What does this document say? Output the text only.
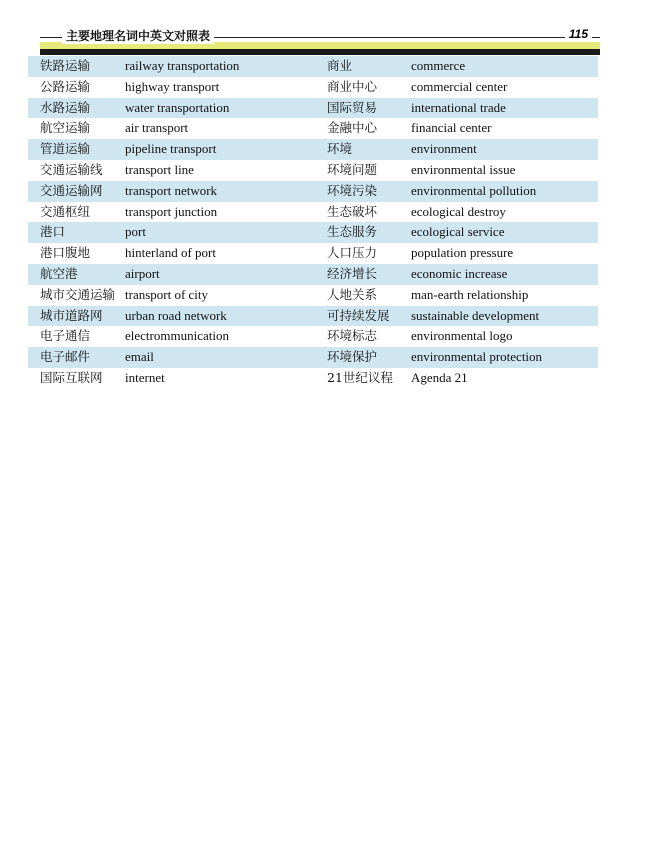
主要地理名词中英文对照表	115
铁路运输	railway transportation	商业	commerce
公路运输	highway transport	商业中心	commercial center
水路运输	water transportation	国际贸易	international trade
航空运输	air transport	金融中心	financial center
管道运输	pipeline transport	环境	environment
交通运输线 transport line	环境问题	environmental issue
交通运输网 transport network	环境污染	environmental pollution
交通枢纽	transport junction	生态破坏	ecological destroy
港口	port	生态服务	ecological service
港口腹地	hinterland of port	人口压力	population pressure
航空港	airport	经济增长	economic increase
城市交通运输 transport of city	人地关系	man-earth relationship
城市道路网 urban road network	可持续发展 sustainable development
电子通信	electrommunication	环境标志	environmental logo
电子邮件	email	环境保护	environmental protection
国际互联网 internet	21世纪议程 Agenda 21
